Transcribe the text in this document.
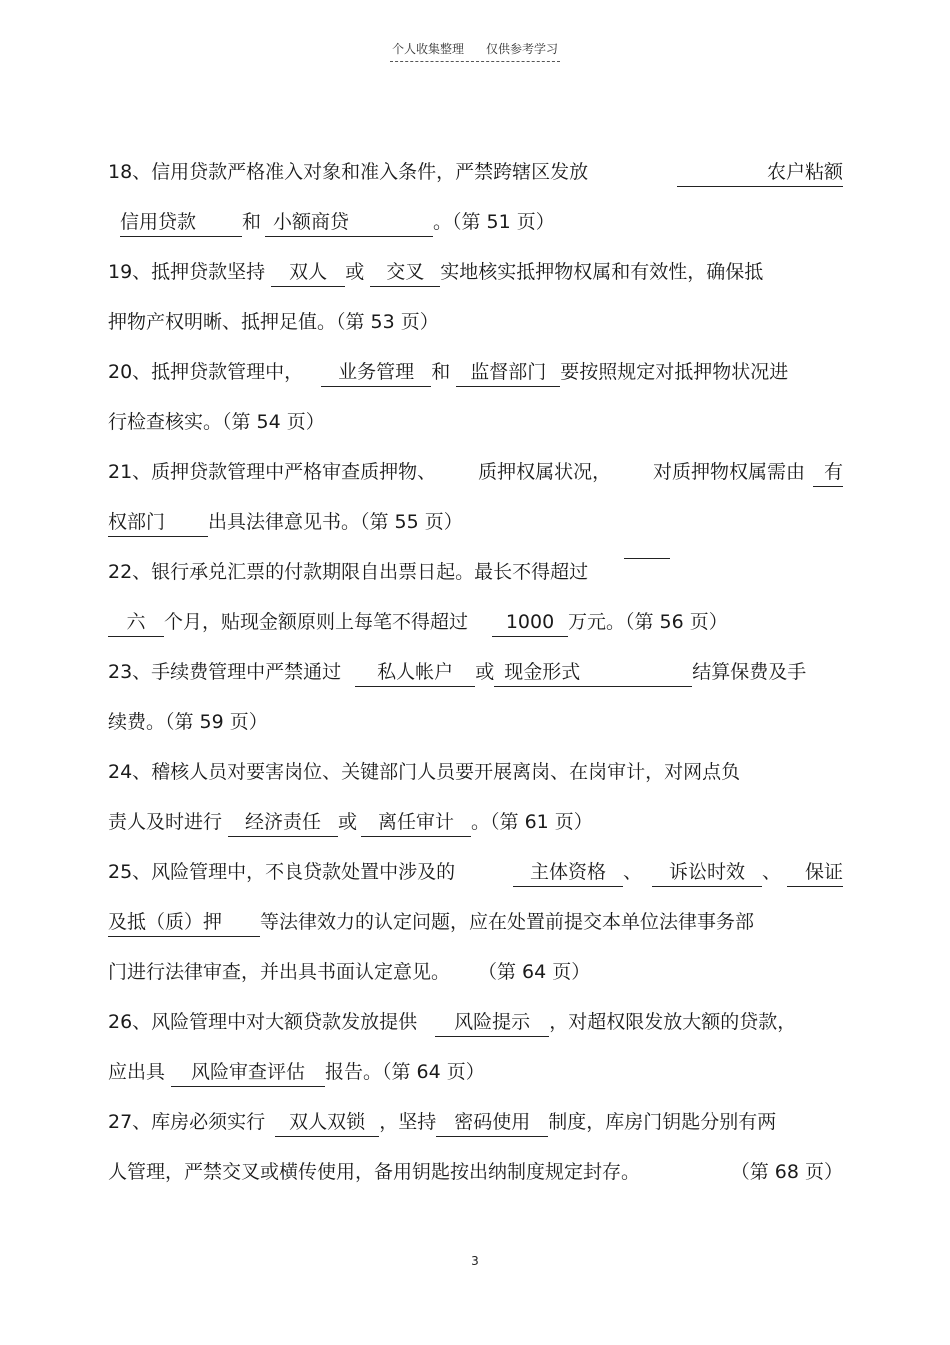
个人收集整理 仅供参考学习
18、信用贷款严格准入对象和准入条件，严禁跨辖区发放	农户粘额
信用贷款	和 小额商贷	。（第 51 页）
19、抵押贷款坚持 双人 或 交叉 实地核实抵押物权属和有效性，确保抵
押物产权明晰、抵押足值。（第 53 页）
20、抵押贷款管理中， 业务管理 和 监督部门 要按照规定对抵押物状况进
行检查核实。（第 54 页）
21、质押贷款管理中严格审查质押物、 质押权属状况， 对质押物权属需由 有
权部门	出具法律意见书。（第 55 页）
22、银行承兑汇票的付款期限自出票日起。最长不得超过
六 个月，贴现金额原则上每笔不得超过	1000 万元。（第 56 页）
23、手续费管理中严禁通过 私人帐户 或 现金形式	结算保费及手
续费。（第 59 页）
24、稽核人员对要害岗位、关键部门人员要开展离岗、在岗审计，对网点负
责人及时进行	经济责任 或	离任审计 。（第 61 页）
25、风险管理中，不良贷款处置中涉及的	主体资格 、 诉讼时效 、 保证
及抵（质）押	等法律效力的认定问题，应在处置前提交本单位法律事务部
门进行法律审查，并出具书面认定意见。 （第 64 页）
26、风险管理中对大额贷款发放提供 风险提示 ，对超权限发放大额的贷款，
应出具	风险审查评估	报告。（第 64 页）
27、库房必须实行 双人双锁 ，坚持 密码使用 制度，库房门钥匙分别有两
人管理，严禁交叉或横传使用，备用钥匙按出纳制度规定封存。	（第 68 页）
3
